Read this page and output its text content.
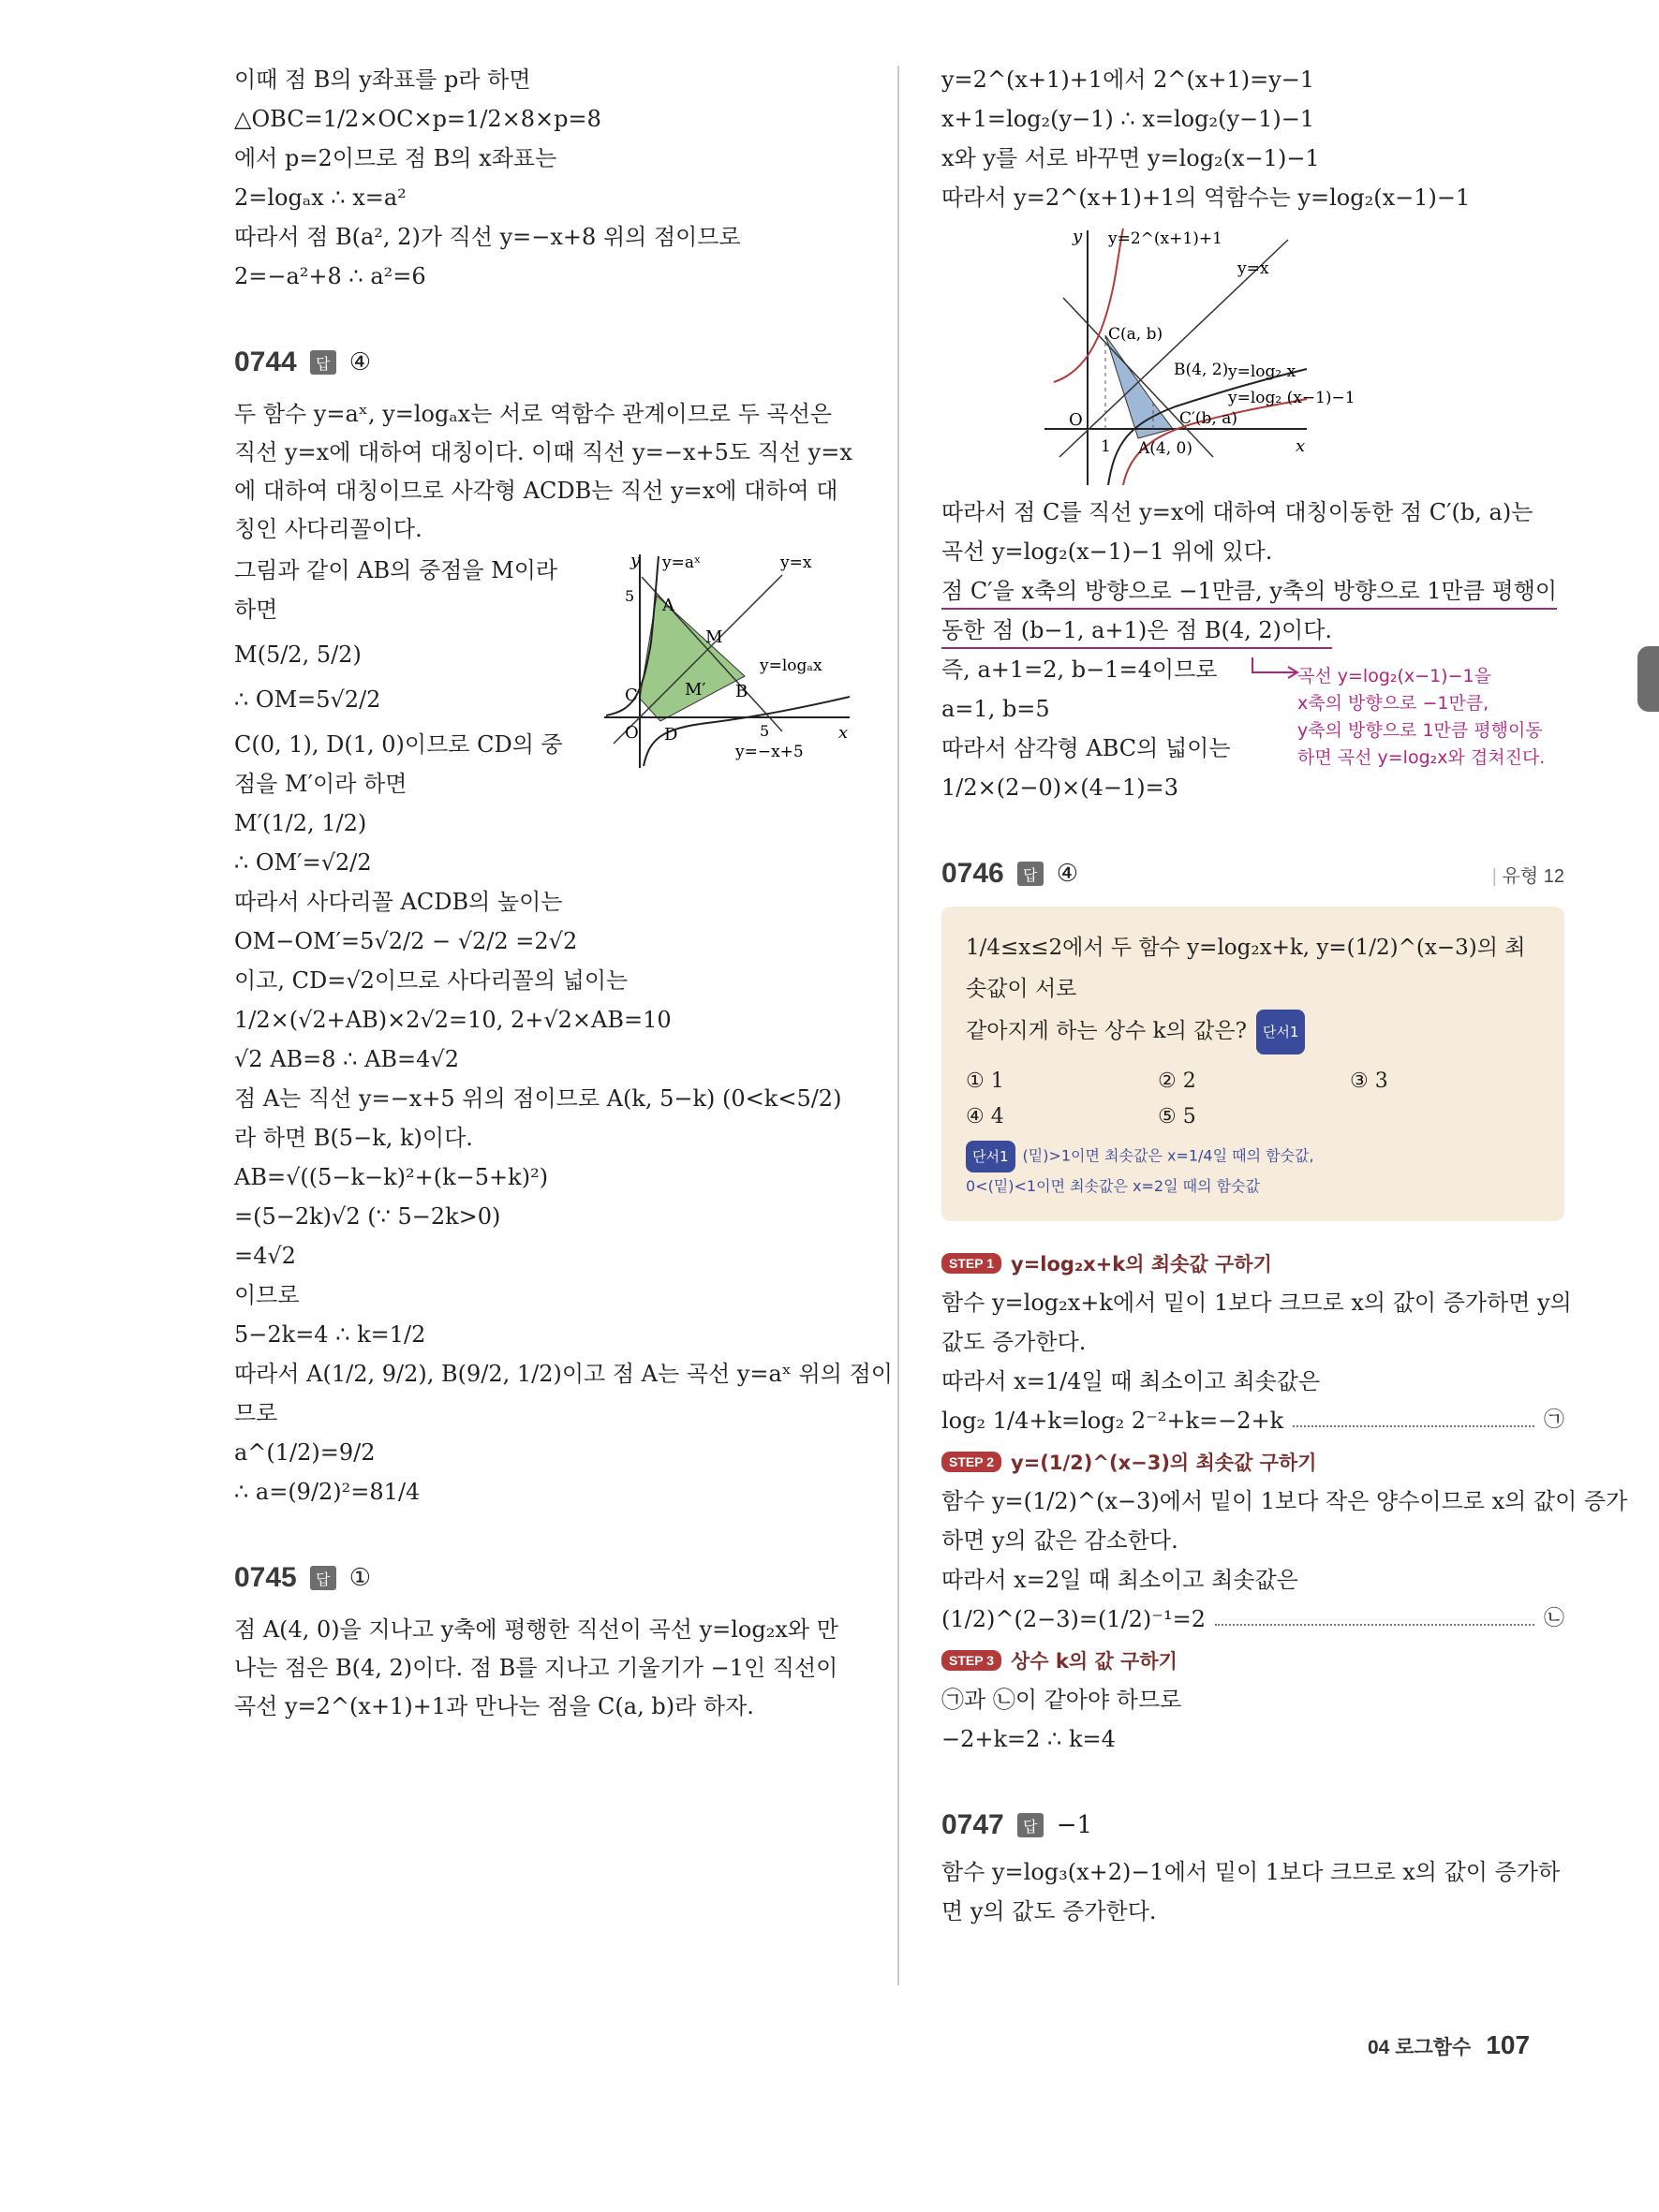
이때 점 B의 y좌표를 p라 하면

△OBC=1/2×OC×p=1/2×8×p=8

에서 p=2이므로 점 B의 x좌표는

2=logₐx ∴ x=a²

따라서 점 B(a², 2)가 직선 y=−x+8 위의 점이므로

2=−a²+8 ∴ a²=6

0744	답 ④

두 함수 y=aˣ, y=logₐx는 서로 역함수 관계이므로 두 곡선은 직선 y=x에 대하여 대칭이다. 이때 직선 y=−x+5도 직선 y=x에 대하여 대칭이므로 사각형 ACDB는 직선 y=x에 대하여 대칭인 사다리꼴이다.

그림과 같이 AB의 중점을 M이라

하면

M(5/2, 5/2)

∴ OM=5√2/2

C(0, 1), D(1, 0)이므로 CD의 중

점을 M′이라 하면

y
x
O
y=aˣ	y=x
y=logₐx
y=−x+5
5
5
A
B
C
D
M
M′

M′(1/2, 1/2)

∴ OM′=√2/2

따라서 사다리꼴 ACDB의 높이는

OM−OM′=5√2/2 − √2/2 =2√2

이고, CD=√2이므로 사다리꼴의 넓이는

1/2×(√2+AB)×2√2=10, 2+√2×AB=10

√2 AB=8 ∴ AB=4√2

점 A는 직선 y=−x+5 위의 점이므로 A(k, 5−k) (0<k<5/2)

라 하면 B(5−k, k)이다.

AB=√((5−k−k)²+(k−5+k)²)

=(5−2k)√2 (∵ 5−2k>0)

=4√2

이므로

5−2k=4 ∴ k=1/2

따라서 A(1/2, 9/2), B(9/2, 1/2)이고 점 A는 곡선 y=aˣ 위의 점이

므로

a^(1/2)=9/2

∴ a=(9/2)²=81/4

0745	답 ①

점 A(4, 0)을 지나고 y축에 평행한 직선이 곡선 y=log₂x와 만나는 점은 B(4, 2)이다. 점 B를 지나고 기울기가 −1인 직선이 곡선 y=2^(x+1)+1과 만나는 점을 C(a, b)라 하자.

y=2^(x+1)+1에서 2^(x+1)=y−1

x+1=log₂(y−1) ∴ x=log₂(y−1)−1

x와 y를 서로 바꾸면 y=log₂(x−1)−1

따라서 y=2^(x+1)+1의 역함수는 y=log₂(x−1)−1

y
x
O
1
y=2^(x+1)+1
y=x
y=log₂ x
y=log₂ (x−1)−1
C(a, b)
B(4, 2)
C′(b, a)
A(4, 0)

따라서 점 C를 직선 y=x에 대하여 대칭이동한 점 C′(b, a)는

곡선 y=log₂(x−1)−1 위에 있다.

점 C′을 x축의 방향으로 −1만큼, y축의 방향으로 1만큼 평행이

동한 점 (b−1, a+1)은 점 B(4, 2)이다.

즉, a+1=2, b−1=4이므로

a=1, b=5

따라서 삼각형 ABC의 넓이는

1/2×(2−0)×(4−1)=3

0746	답 ④
|	유형 12

1/4≤x≤2에서 두 함수 y=log₂x+k, y=(1/2)^(x−3)의 최솟값이 서로

같아지게 하는 상수 k의 값은? 단서1

① 1	② 2	③ 3
④ 4	⑤ 5

단서1 (밑)>1이면 최솟값은 x=1/4일 때의 함숫값,

0<(밑)<1이면 최솟값은 x=2일 때의 함숫값

STEP 1 y=log₂x+k의 최솟값 구하기

함수 y=log₂x+k에서 밑이 1보다 크므로 x의 값이 증가하면 y의

값도 증가한다.

따라서 x=1/4일 때 최소이고 최솟값은

log₂ 1/4+k=log₂ 2⁻²+k=−2+k	㉠
STEP 2 y=(1/2)^(x−3)의 최솟값 구하기

함수 y=(1/2)^(x−3)에서 밑이 1보다 작은 양수이므로 x의 값이 증가

하면 y의 값은 감소한다.

따라서 x=2일 때 최소이고 최솟값은

(1/2)^(2−3)=(1/2)⁻¹=2	㉡
STEP 3 상수 k의 값 구하기

㉠과 ㉡이 같아야 하므로

−2+k=2 ∴ k=4

0747	답 −1

함수 y=log₃(x+2)−1에서 밑이 1보다 크므로 x의 값이 증가하

면 y의 값도 증가한다.

곡선 y=log₂(x−1)−1을
x축의 방향으로 −1만큼,
y축의 방향으로 1만큼 평행이동
하면 곡선 y=log₂x와 겹쳐진다.
04 로그함수 107
